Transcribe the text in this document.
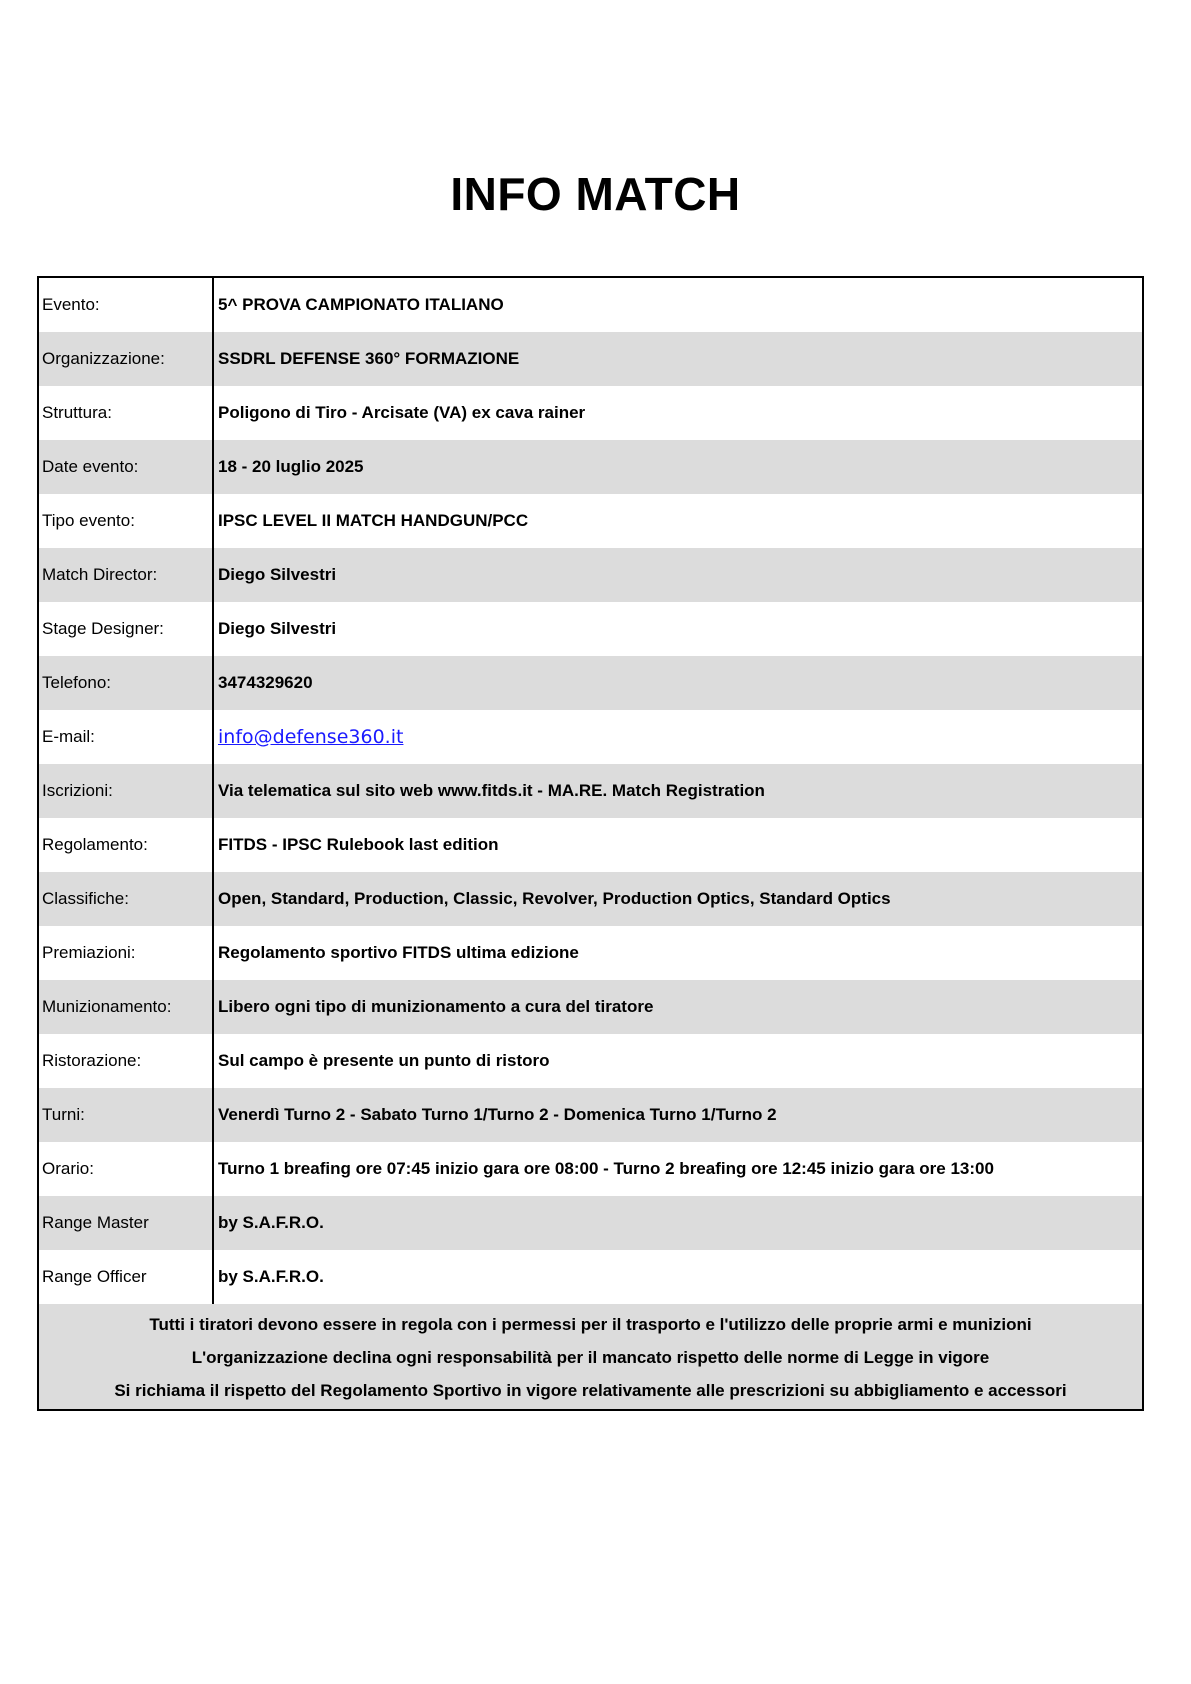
INFO MATCH
Evento:	5^ PROVA CAMPIONATO ITALIANO
Organizzazione:	SSDRL DEFENSE 360° FORMAZIONE
Struttura:	Poligono di Tiro - Arcisate (VA) ex cava rainer
Date evento:	18 - 20 luglio 2025
Tipo evento:	IPSC LEVEL II MATCH HANDGUN/PCC
Match Director:	Diego Silvestri
Stage Designer:	Diego Silvestri
Telefono:	3474329620
E-mail:	info@defense360.it
Iscrizioni:	Via telematica sul sito web www.fitds.it - MA.RE. Match Registration
Regolamento:	FITDS - IPSC Rulebook last edition
Classifiche:	Open, Standard, Production, Classic, Revolver, Production Optics, Standard Optics
Premiazioni:	Regolamento sportivo FITDS ultima edizione
Munizionamento:	Libero ogni tipo di munizionamento a cura del tiratore
Ristorazione:	Sul campo è presente un punto di ristoro
Turni:	Venerdì Turno 2 - Sabato Turno 1/Turno 2 - Domenica Turno 1/Turno 2
Orario:	Turno 1 breafing ore 07:45 inizio gara ore 08:00 - Turno 2 breafing ore 12:45 inizio gara ore 13:00
Range Master	by S.A.F.R.O.
Range Officer	by S.A.F.R.O.
Tutti i tiratori devono essere in regola con i permessi per il trasporto e l'utilizzo delle proprie armi e munizioni
L'organizzazione declina ogni responsabilità per il mancato rispetto delle norme di Legge in vigore
Si richiama il rispetto del Regolamento Sportivo in vigore relativamente alle prescrizioni su abbigliamento e accessori
